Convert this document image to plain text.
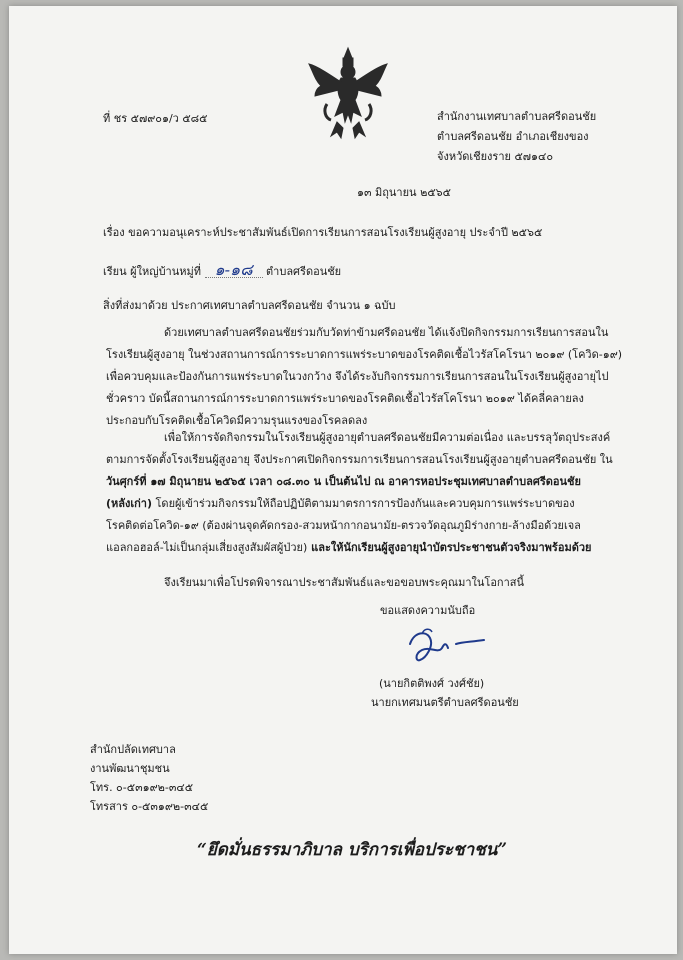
ที่ ชร ๕๗๙๐๑/ว ๕๘๕	สำนักงานเทศบาลตำบลศรีดอนชัย
ตำบลศรีดอนชัย อำเภอเชียงของ
จังหวัดเชียงราย ๕๗๑๔๐
๑๓ มิถุนายน ๒๕๖๕
เรื่อง ขอความอนุเคราะห์ประชาสัมพันธ์เปิดการเรียนการสอนโรงเรียนผู้สูงอายุ ประจำปี ๒๕๖๕
เรียน ผู้ใหญ่บ้านหมู่ที่ ๑-๑๘ ตำบลศรีดอนชัย
สิ่งที่ส่งมาด้วย ประกาศเทศบาลตำบลศรีดอนชัย จำนวน ๑ ฉบับ
ด้วยเทศบาลตำบลศรีดอนชัยร่วมกับวัดท่าข้ามศรีดอนชัย ได้แจ้งปิดกิจกรรมการเรียนการสอนใน
โรงเรียนผู้สูงอายุ ในช่วงสถานการณ์การระบาดการแพร่ระบาดของโรคติดเชื้อไวรัสโคโรนา ๒๐๑๙ (โควิด-๑๙)
เพื่อควบคุมและป้องกันการแพร่ระบาดในวงกว้าง จึงได้ระงับกิจกรรมการเรียนการสอนในโรงเรียนผู้สูงอายุไป
ชั่วคราว บัดนี้สถานการณ์การระบาดการแพร่ระบาดของโรคติดเชื้อไวรัสโคโรนา ๒๐๑๙ ได้คลี่คลายลง
ประกอบกับโรคติดเชื้อโควิดมีความรุนแรงของโรคลดลง
เพื่อให้การจัดกิจกรรมในโรงเรียนผู้สูงอายุตำบลศรีดอนชัยมีความต่อเนื่อง และบรรลุวัตถุประสงค์
ตามการจัดตั้งโรงเรียนผู้สูงอายุ จึงประกาศเปิดกิจกรรมการเรียนการสอนโรงเรียนผู้สูงอายุตำบลศรีดอนชัย ใน
วันศุกร์ที่ ๑๗ มิถุนายน ๒๕๖๕ เวลา ๐๘.๓๐ น เป็นต้นไป ณ อาคารหอประชุมเทศบาลตำบลศรีดอนชัย
(หลังเก่า) โดยผู้เข้าร่วมกิจกรรมให้ถือปฏิบัติตามมาตรการการป้องกันและควบคุมการแพร่ระบาดของ
โรคติดต่อโควิด-๑๙ (ต้องผ่านจุดคัดกรอง-สวมหน้ากากอนามัย-ตรวจวัดอุณภูมิร่างกาย-ล้างมือด้วยเจล
แอลกอฮอล์-ไม่เป็นกลุ่มเสี่ยงสูงสัมผัสผู้ป่วย) และให้นักเรียนผู้สูงอายุนำบัตรประชาชนตัวจริงมาพร้อมด้วย
จึงเรียนมาเพื่อโปรดพิจารณาประชาสัมพันธ์และขอขอบพระคุณมาในโอกาสนี้
ขอแสดงความนับถือ
(นายกิตติพงศ์ วงศ์ชัย)
นายกเทศมนตรีตำบลศรีดอนชัย
สำนักปลัดเทศบาล
งานพัฒนาชุมชน
โทร. ๐-๕๓๑๙๒-๓๔๕
โทรสาร ๐-๕๓๑๙๒-๓๔๕
“ยึดมั่นธรรมาภิบาล บริการเพื่อประชาชน”
